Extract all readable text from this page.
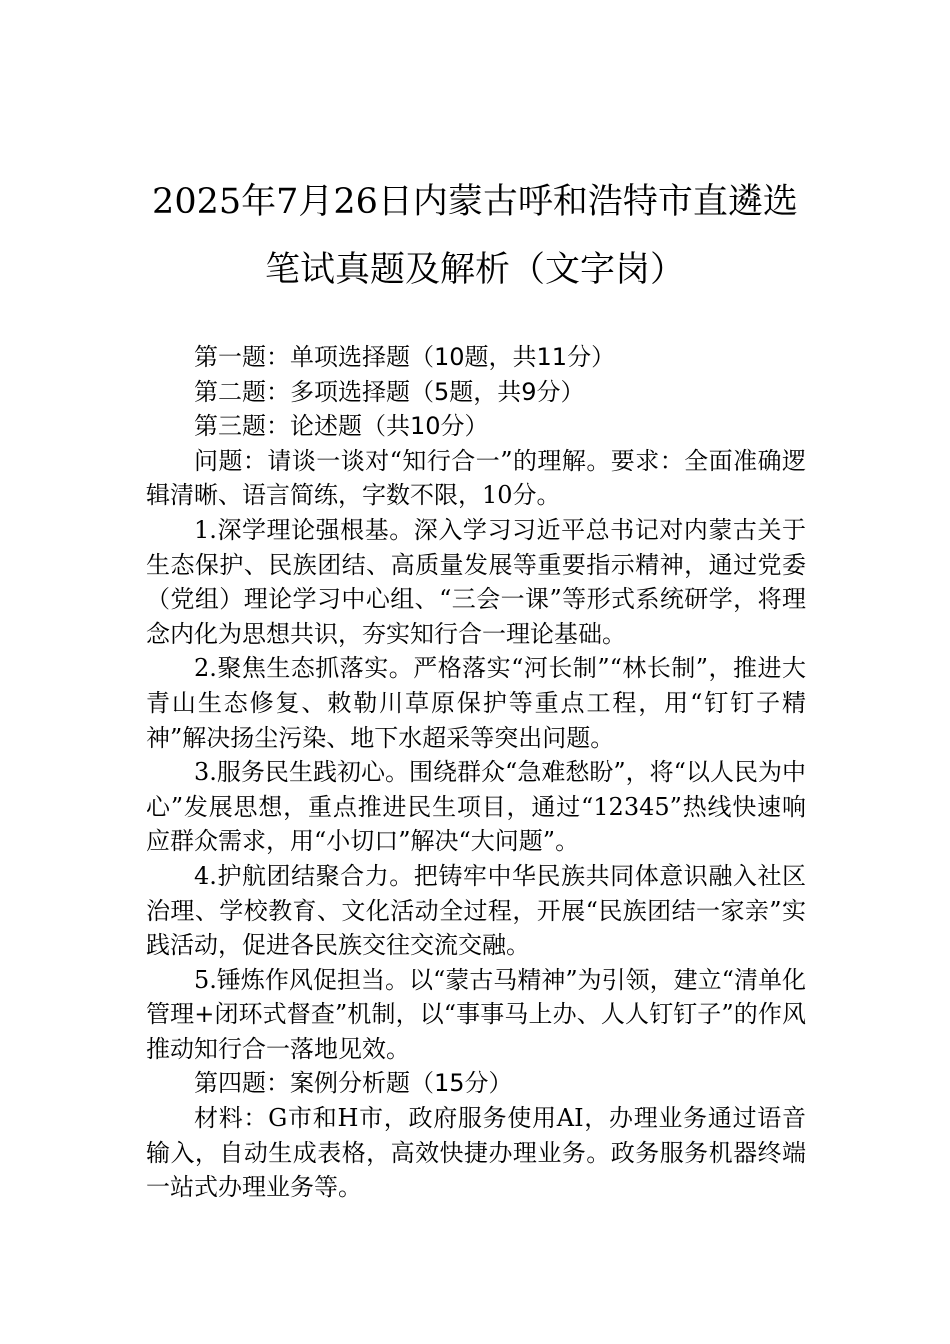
2025年7月26日内蒙古呼和浩特市直遴选
笔试真题及解析（文字岗）

第一题：单项选择题（10题，共11分）

第二题：多项选择题（5题，共9分）

第三题：论述题（共10分）

问题：请谈一谈对“知行合一”的理解。要求：全面准确逻辑清晰、语言简练，字数不限，10分。

1.深学理论强根基。深入学习习近平总书记对内蒙古关于生态保护、民族团结、高质量发展等重要指示精神，通过党委（党组）理论学习中心组、“三会一课”等形式系统研学，将理念内化为思想共识，夯实知行合一理论基础。

2.聚焦生态抓落实。严格落实“河长制”“林长制”，推进大青山生态修复、敕勒川草原保护等重点工程，用“钉钉子精神”解决扬尘污染、地下水超采等突出问题。

3.服务民生践初心。围绕群众“急难愁盼”，将“以人民为中心”发展思想，重点推进民生项目，通过“12345”热线快速响应群众需求，用“小切口”解决“大问题”。

4.护航团结聚合力。把铸牢中华民族共同体意识融入社区治理、学校教育、文化活动全过程，开展“民族团结一家亲”实践活动，促进各民族交往交流交融。

5.锤炼作风促担当。以“蒙古马精神”为引领，建立“清单化管理+闭环式督查”机制，以“事事马上办、人人钉钉子”的作风推动知行合一落地见效。

第四题：案例分析题（15分）

材料：G市和H市，政府服务使用AI，办理业务通过语音输入，自动生成表格，高效快捷办理业务。政务服务机器终端一站式办理业务等。
